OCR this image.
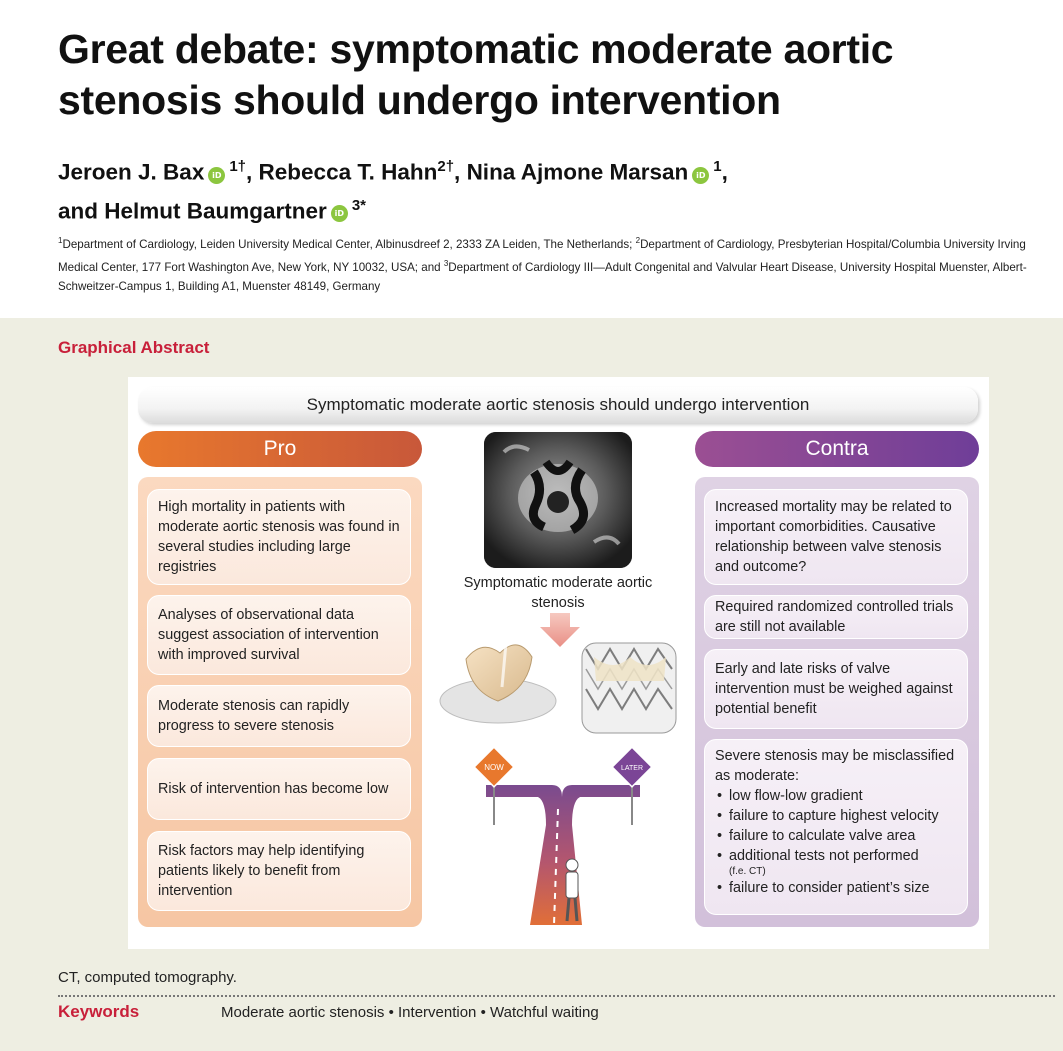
Great debate: symptomatic moderate aortic stenosis should undergo intervention
Jeroen J. Bax iD $^{1\dagger}$, Rebecca T. Hahn$^{2\dagger}$, Nina Ajmone Marsan iD $^1$,
and Helmut Baumgartner iD $^{3*}$
$^1$Department of Cardiology, Leiden University Medical Center, Albinusdreef 2, 2333 ZA Leiden, The Netherlands; $^2$Department of Cardiology, Presbyterian Hospital/Columbia University Irving Medical Center, 177 Fort Washington Ave, New York, NY 10032, USA; and $^3$Department of Cardiology III—Adult Congenital and Valvular Heart Disease, University Hospital Muenster, Albert-Schweitzer-Campus 1, Building A1, Muenster 48149, Germany
Graphical Abstract
Symptomatic moderate aortic stenosis should undergo intervention
Pro	Contra
High mortality in patients with moderate aortic stenosis was found in several studies including large registries
Analyses of observational data suggest association of intervention with improved survival
Moderate stenosis can rapidly progress to severe stenosis
Risk of intervention has become low
Risk factors may help identifying patients likely to benefit from intervention
Increased mortality may be related to important comorbidities. Causative relationship between valve stenosis and outcome?
Required randomized controlled trials are still not available
Early and late risks of valve intervention must be weighed against potential benefit
Severe stenosis may be misclassified as moderate:
• low flow-low gradient
• failure to capture highest velocity
• failure to calculate valve area
• additional tests not performed
(f.e. CT)
• failure to consider patient’s size
Symptomatic moderate aortic stenosis
NOW	LATER
?
CT, computed tomography.
Keywords	Moderate aortic stenosis • Intervention • Watchful waiting
